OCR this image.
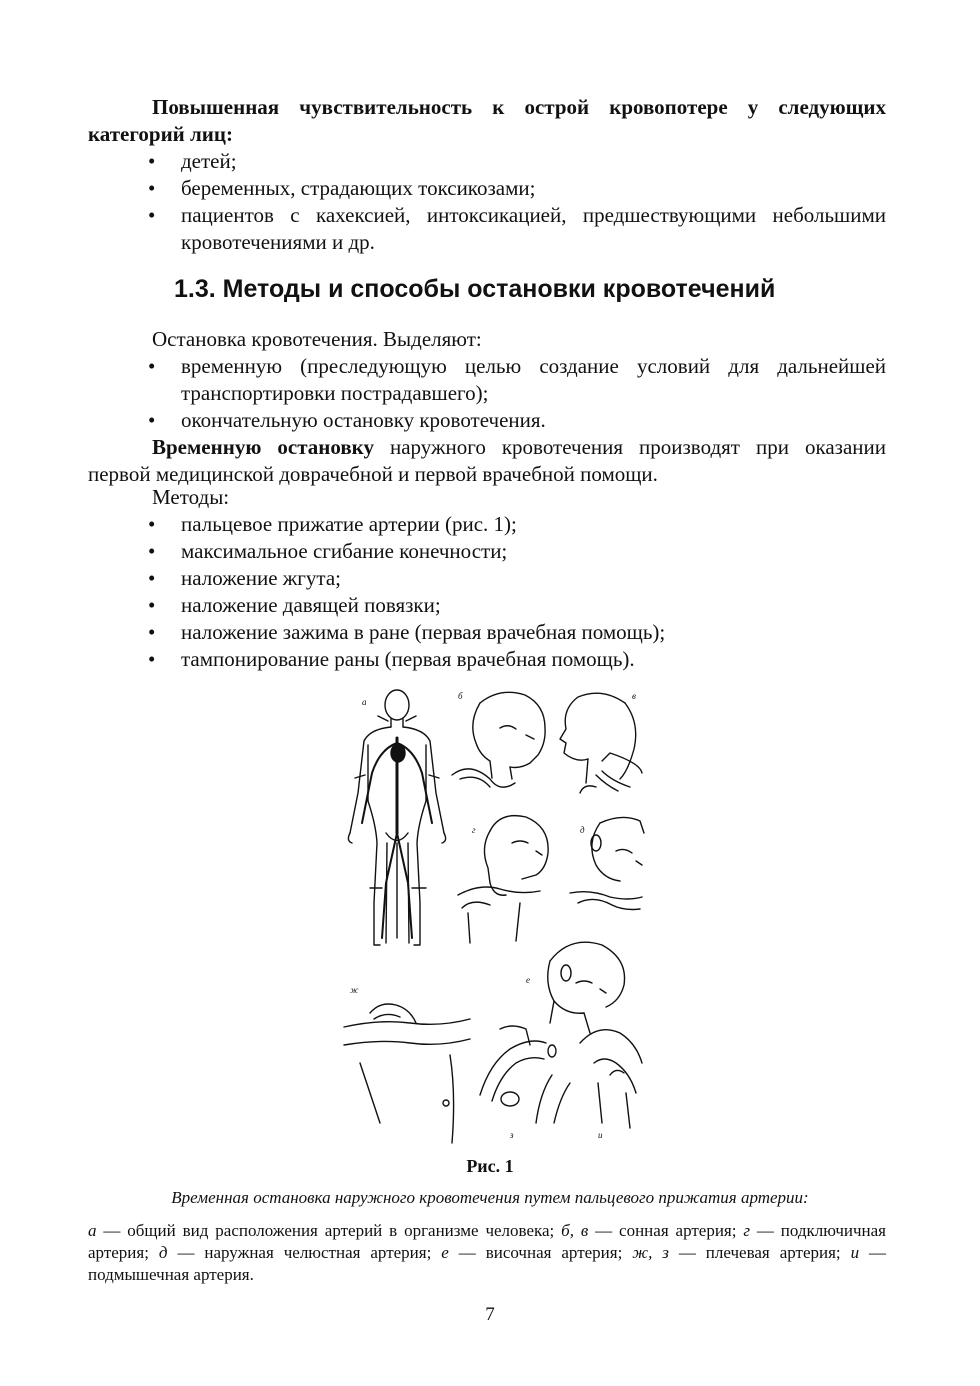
Повышенная чувствительность к острой кровопотере у следующих категорий лиц:
• детей;
• беременных, страдающих токсикозами;
• пациентов с кахексией, интоксикацией, предшествующими небольшими кровотечениями и др.
1.3. Методы и способы остановки кровотечений
Остановка кровотечения. Выделяют:
• временную (преследующую целью создание условий для дальнейшей транспортировки пострадавшего);
• окончательную остановку кровотечения.
Временную остановку наружного кровотечения производят при оказании первой медицинской доврачебной и первой врачебной помощи.
Методы:
• пальцевое прижатие артерии (рис. 1);
• максимальное сгибание конечности;
• наложение жгута;
• наложение давящей повязки;
• наложение зажима в ране (первая врачебная помощь);
• тампонирование раны (первая врачебная помощь).
а
б	в
г	д
е
ж
з	и
Рис. 1
Временная остановка наружного кровотечения путем пальцевого прижатия артерии:
а — общий вид расположения артерий в организме человека; б, в — сонная артерия; г — подключичная артерия; д — наружная челюстная артерия; е — височная артерия; ж, з — плечевая артерия; и — подмышечная артерия.
7
